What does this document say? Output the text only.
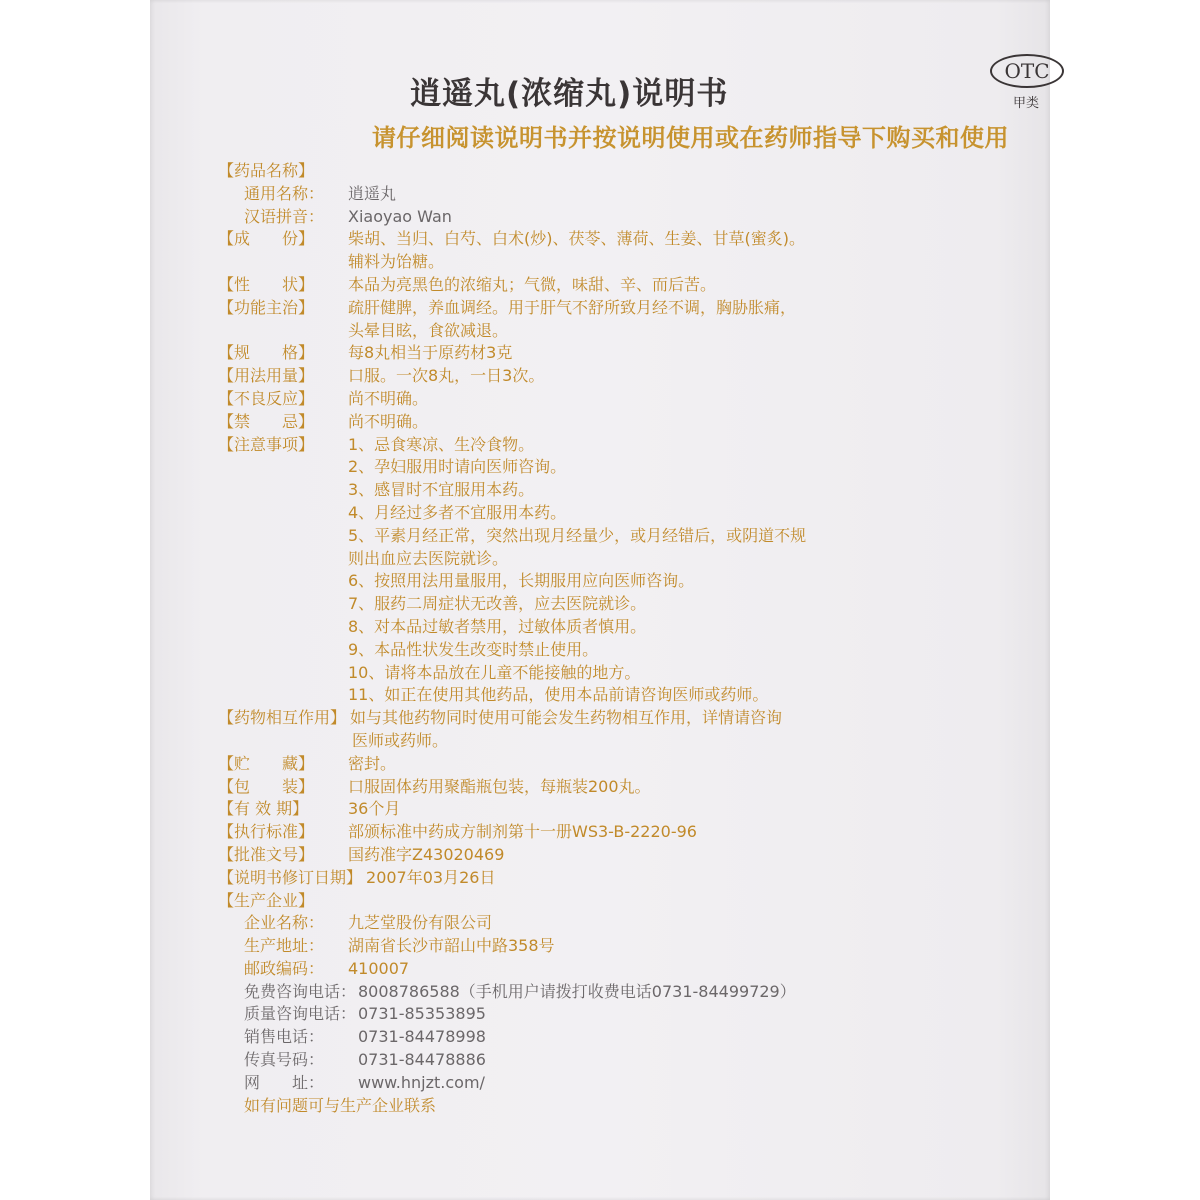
逍遥丸(浓缩丸)说明书
OTC
甲类
请仔细阅读说明书并按说明使用或在药师指导下购买和使用
【药品名称】
通用名称：	逍遥丸
汉语拼音：	Xiaoyao Wan
【成　　份】	柴胡、当归、白芍、白术(炒)、茯苓、薄荷、生姜、甘草(蜜炙)。
辅料为饴糖。
【性　　状】	本品为亮黑色的浓缩丸；气微，味甜、辛、而后苦。
【功能主治】	疏肝健脾，养血调经。用于肝气不舒所致月经不调，胸胁胀痛，
头晕目眩，食欲减退。
【规　　格】	每8丸相当于原药材3克
【用法用量】	口服。一次8丸，一日3次。
【不良反应】	尚不明确。
【禁　　忌】	尚不明确。
【注意事项】	1、忌食寒凉、生冷食物。
2、孕妇服用时请向医师咨询。
3、感冒时不宜服用本药。
4、月经过多者不宜服用本药。
5、平素月经正常，突然出现月经量少，或月经错后，或阴道不规
则出血应去医院就诊。
6、按照用法用量服用，长期服用应向医师咨询。
7、服药二周症状无改善，应去医院就诊。
8、对本品过敏者禁用，过敏体质者慎用。
9、本品性状发生改变时禁止使用。
10、请将本品放在儿童不能接触的地方。
11、如正在使用其他药品，使用本品前请咨询医师或药师。
【药物相互作用】 如与其他药物同时使用可能会发生药物相互作用，详情请咨询
医师或药师。
【贮　　藏】	密封。
【包　　装】	口服固体药用聚酯瓶包装，每瓶装200丸。
【有 效 期】	36个月
【执行标准】	部颁标准中药成方制剂第十一册WS3-B-2220-96
【批准文号】	国药准字Z43020469
【说明书修订日期】 2007年03月26日
【生产企业】
企业名称：	九芝堂股份有限公司
生产地址：	湖南省长沙市韶山中路358号
邮政编码：	410007
免费咨询电话： 8008786588（手机用户请拨打收费电话0731-84499729）
质量咨询电话： 0731-85353895
销售电话：	0731-84478998
传真号码：	0731-84478886
网　　址：	www.hnjzt.com/
如有问题可与生产企业联系
